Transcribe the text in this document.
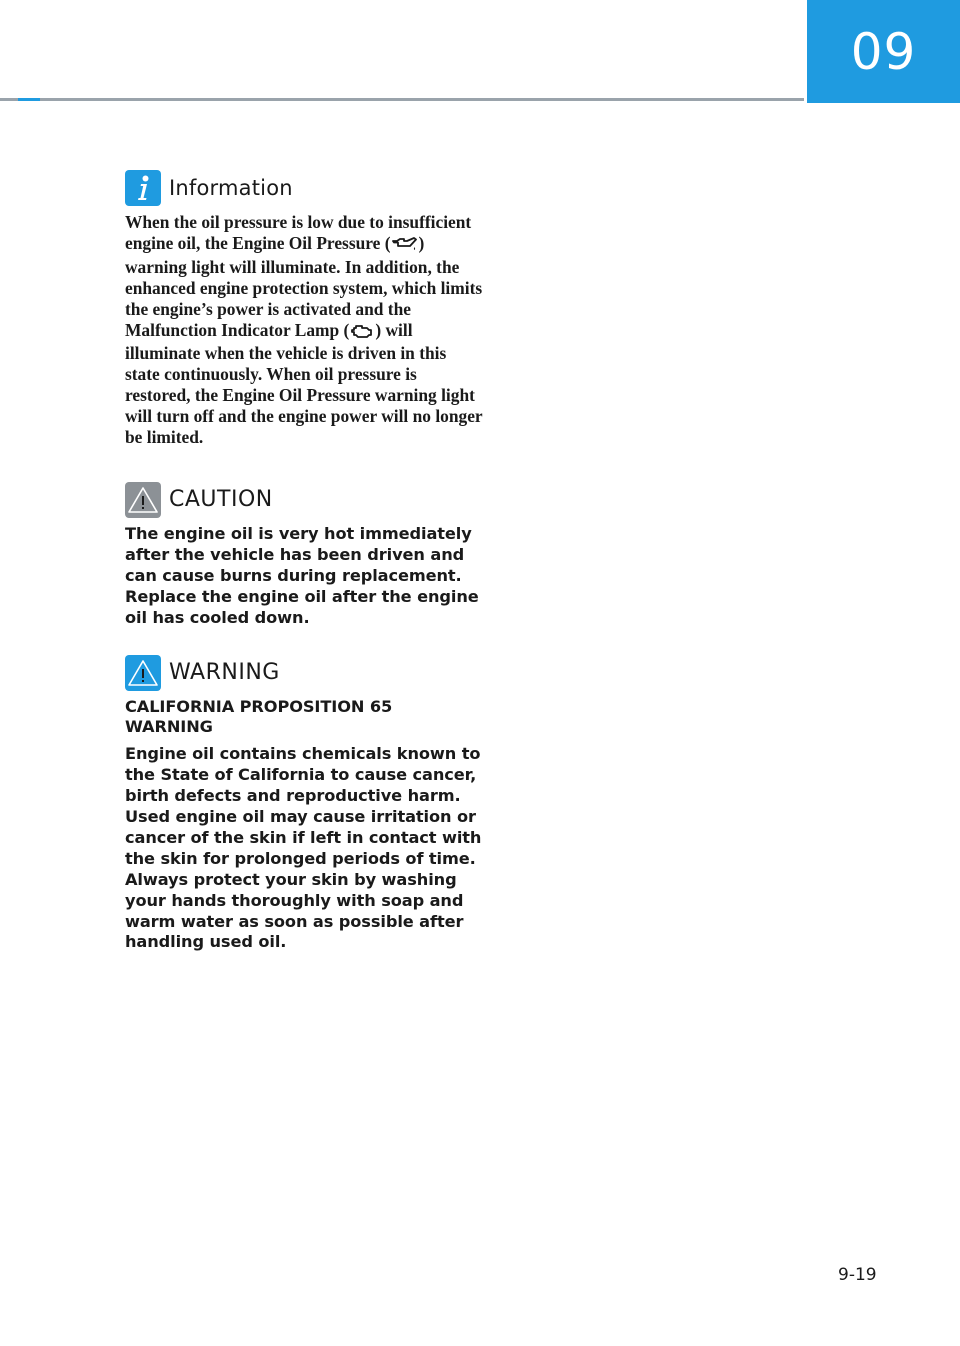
09
Information

When the oil pressure is low due to insufficient engine oil, the Engine Oil Pressure ( ) warning light will illuminate. In addition, the enhanced engine protection system, which limits the engine’s power is activated and the Malfunction Indicator Lamp ( ) will illuminate when the vehicle is driven in this state continuously. When oil pressure is restored, the Engine Oil Pressure warning light will turn off and the engine power will no longer be limited.

CAUTION

The engine oil is very hot immediately after the vehicle has been driven and can cause burns during replacement. Replace the engine oil after the engine oil has cooled down.

WARNING

CALIFORNIA PROPOSITION 65 WARNING

Engine oil contains chemicals known to the State of California to cause cancer, birth defects and reproductive harm. Used engine oil may cause irritation or cancer of the skin if left in contact with the skin for prolonged periods of time. Always protect your skin by washing your hands thoroughly with soap and warm water as soon as possible after handling used oil.

9-19
